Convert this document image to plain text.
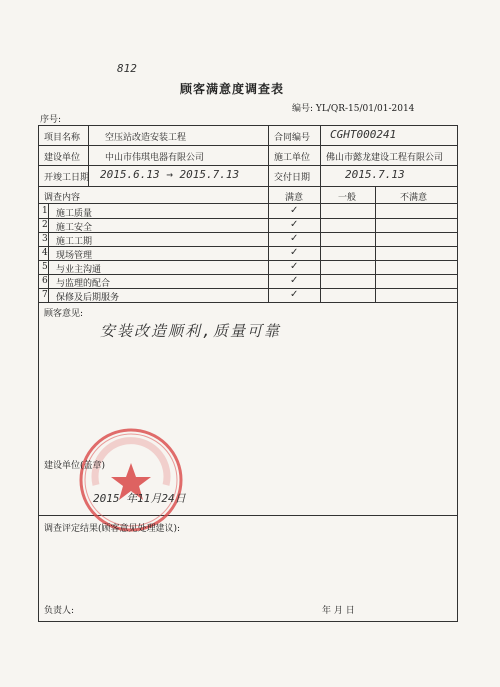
812
顾客满意度调查表
编号: YL/QR-15/01/01-2014
序号:
项目名称	空压站改造安装工程	合同编号 CGHT000241
建设单位	中山市伟琪电器有限公司	施工单位 佛山市懿龙建设工程有限公司
开竣工日期 2015.6.13 → 2015.7.13	交付日期	2015.7.13
调查内容	满意	一般	不满意
1 施工质量	✓
2 施工安全	✓
3 施工工期	✓
4 现场管理	✓
5 与业主沟通	✓
6 与监理的配合	✓
7 保修及后期服务	✓
顾客意见:
安装改造顺利,质量可靠
建设单位(盖章)
2015 年11月24日
调查评定结果(顾客意见处理建议):
负责人:	年 月 日
